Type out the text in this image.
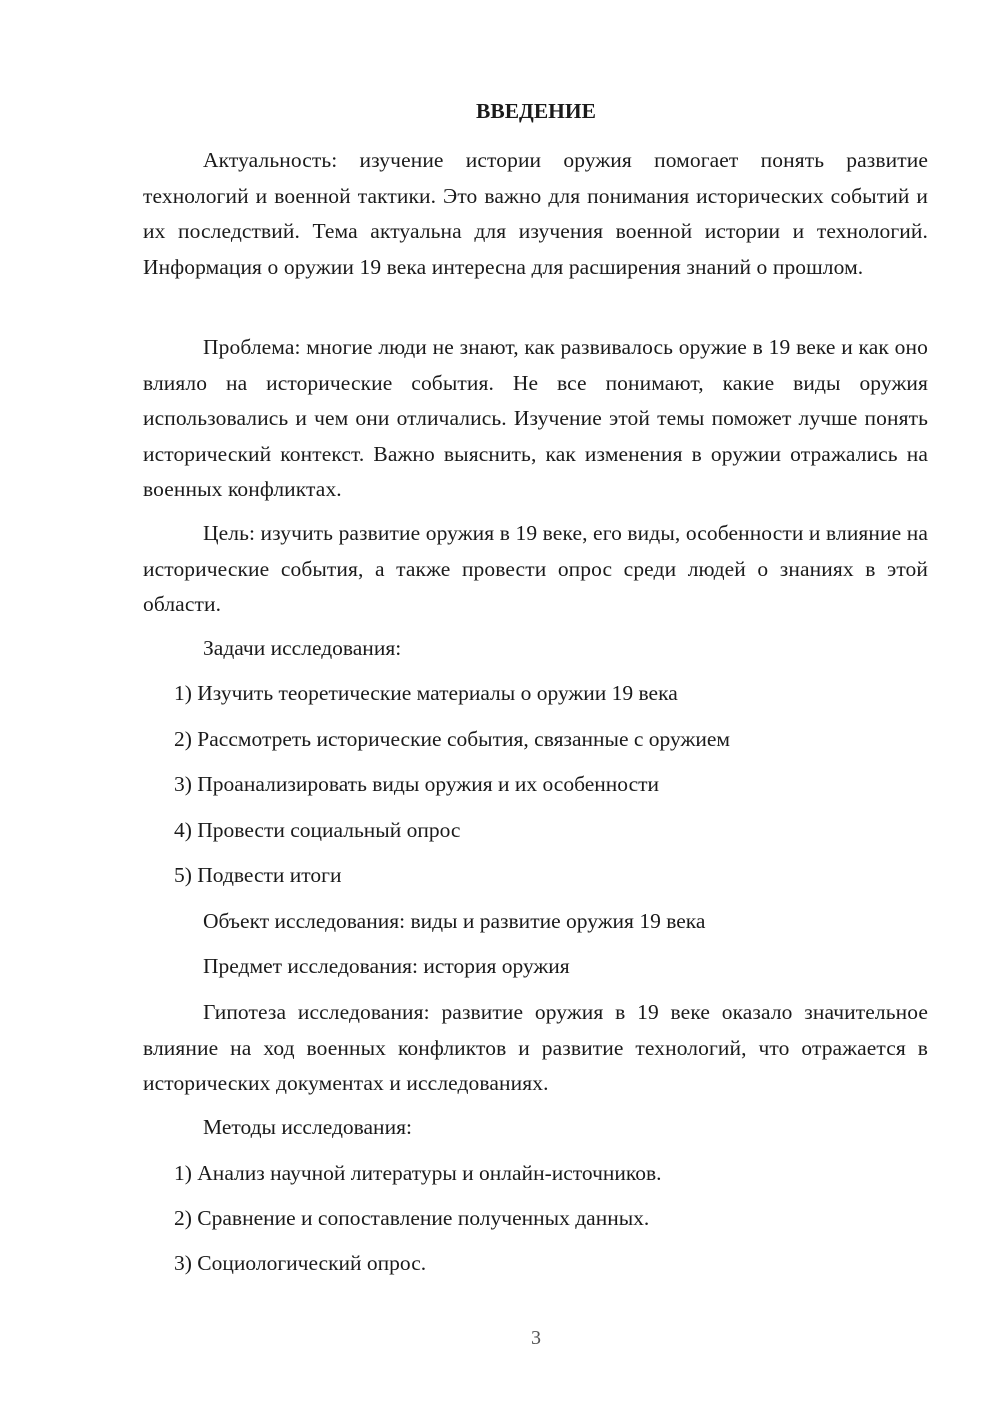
ВВЕДЕНИЕ

Актуальность: изучение истории оружия помогает понять развитие технологий и военной тактики. Это важно для понимания исторических событий и их последствий. Тема актуальна для изучения военной истории и технологий. Информация о оружии 19 века интересна для расширения знаний о прошлом.

Проблема: многие люди не знают, как развивалось оружие в 19 веке и как оно влияло на исторические события. Не все понимают, какие виды оружия использовались и чем они отличались. Изучение этой темы поможет лучше понять исторический контекст. Важно выяснить, как изменения в оружии отражались на военных конфликтах.

Цель: изучить развитие оружия в 19 веке, его виды, особенности и влияние на исторические события, а также провести опрос среди людей о знаниях в этой области.

Задачи исследования:

1) Изучить теоретические материалы о оружии 19 века

2) Рассмотреть исторические события, связанные с оружием

3) Проанализировать виды оружия и их особенности

4) Провести социальный опрос

5) Подвести итоги

Объект исследования: виды и развитие оружия 19 века

Предмет исследования: история оружия

Гипотеза исследования: развитие оружия в 19 веке оказало значительное влияние на ход военных конфликтов и развитие технологий, что отражается в исторических документах и исследованиях.

Методы исследования:

1) Анализ научной литературы и онлайн-источников.

2) Сравнение и сопоставление полученных данных.

3) Социологический опрос.

3
